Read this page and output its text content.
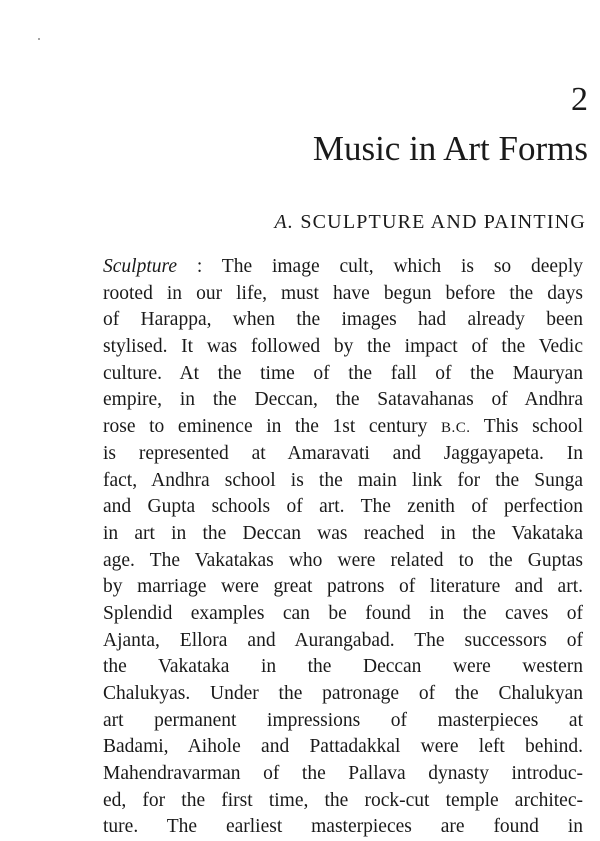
2
Music in Art Forms
A. SCULPTURE AND PAINTING
Sculpture : The image cult, which is so deeply
rooted in our life, must have begun before the days
of Harappa, when the images had already been
stylised. It was followed by the impact of the Vedic
culture. At the time of the fall of the Mauryan
empire, in the Deccan, the Satavahanas of Andhra
rose to eminence in the 1st century B.C. This school
is represented at Amaravati and Jaggayapeta. In
fact, Andhra school is the main link for the Sunga
and Gupta schools of art. The zenith of perfection
in art in the Deccan was reached in the Vakataka
age. The Vakatakas who were related to the Guptas
by marriage were great patrons of literature and art.
Splendid examples can be found in the caves of
Ajanta, Ellora and Aurangabad. The successors of
the Vakataka in the Deccan were western
Chalukyas. Under the patronage of the Chalukyan
art permanent impressions of masterpieces at
Badami, Aihole and Pattadakkal were left behind.
Mahendravarman of the Pallava dynasty introduc-
ed, for the first time, the rock-cut temple architec-
ture. The earliest masterpieces are found in
